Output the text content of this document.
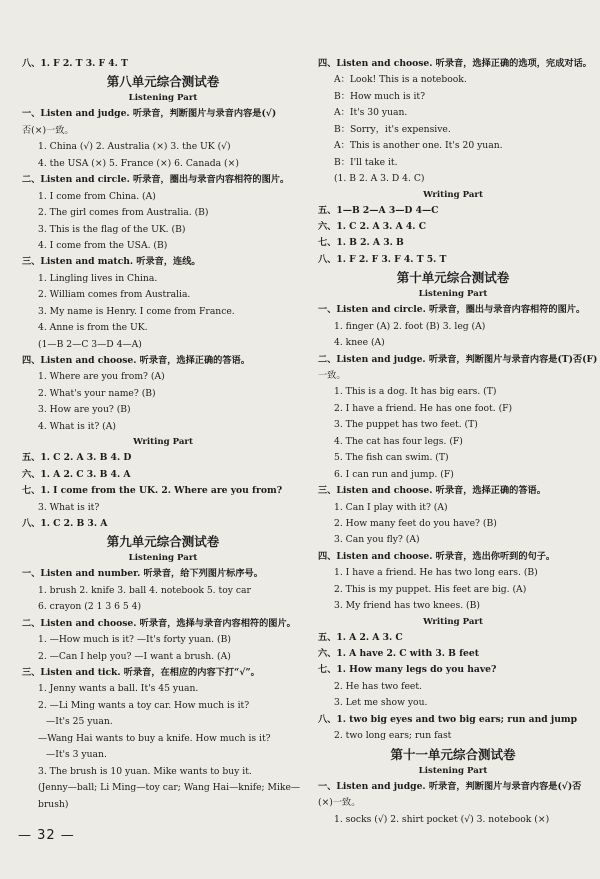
八、1. F 2. T 3. F 4. T
第八单元综合测试卷
Listening Part
一、Listen and judge. 听录音，判断图片与录音内容是(√)
否(×)一致。
1. China (√) 2. Australia (×) 3. the UK (√)
4. the USA (×) 5. France (×) 6. Canada (×)
二、Listen and circle. 听录音，圈出与录音内容相符的图片。
1. I come from China. (A)
2. The girl comes from Australia. (B)
3. This is the flag of the UK. (B)
4. I come from the USA. (B)
三、Listen and match. 听录音，连线。
1. Lingling lives in China.
2. William comes from Australia.
3. My name is Henry. I come from France.
4. Anne is from the UK.
(1—B 2—C 3—D 4—A)
四、Listen and choose. 听录音，选择正确的答语。
1. Where are you from? (A)
2. What's your name? (B)
3. How are you? (B)
4. What is it? (A)
Writing Part
五、1. C 2. A 3. B 4. D
六、1. A 2. C 3. B 4. A
七、1. I come from the UK. 2. Where are you from?
3. What is it?
八、1. C 2. B 3. A
第九单元综合测试卷
Listening Part
一、Listen and number. 听录音，给下列图片标序号。
1. brush 2. knife 3. ball 4. notebook 5. toy car
6. crayon (2 1 3 6 5 4)
二、Listen and choose. 听录音，选择与录音内容相符的图片。
1. —How much is it? —It's forty yuan. (B)
2. —Can I help you? —I want a brush. (A)
三、Listen and tick. 听录音，在相应的内容下打“√”。
1. Jenny wants a ball. It's 45 yuan.
2. —Li Ming wants a toy car. How much is it?
—It's 25 yuan.
—Wang Hai wants to buy a knife. How much is it?
—It's 3 yuan.
3. The brush is 10 yuan. Mike wants to buy it.
(Jenny—ball; Li Ming—toy car; Wang Hai—knife; Mike—
brush)
四、Listen and choose. 听录音，选择正确的选项，完成对话。
A：Look! This is a notebook.
B：How much is it?
A：It's 30 yuan.
B：Sorry，it's expensive.
A：This is another one. It's 20 yuan.
B：I'll take it.
(1. B 2. A 3. D 4. C)
Writing Part
五、1—B 2—A 3—D 4—C
六、1. C 2. A 3. A 4. C
七、1. B 2. A 3. B
八、1. F 2. F 3. F 4. T 5. T
第十单元综合测试卷
Listening Part
一、Listen and circle. 听录音，圈出与录音内容相符的图片。
1. finger (A) 2. foot (B) 3. leg (A)
4. knee (A)
二、Listen and judge. 听录音，判断图片与录音内容是(T)否(F)
一致。
1. This is a dog. It has big ears. (T)
2. I have a friend. He has one foot. (F)
3. The puppet has two feet. (T)
4. The cat has four legs. (F)
5. The fish can swim. (T)
6. I can run and jump. (F)
三、Listen and choose. 听录音，选择正确的答语。
1. Can I play with it? (A)
2. How many feet do you have? (B)
3. Can you fly? (A)
四、Listen and choose. 听录音，选出你听到的句子。
1. I have a friend. He has two long ears. (B)
2. This is my puppet. His feet are big. (A)
3. My friend has two knees. (B)
Writing Part
五、1. A 2. A 3. C
六、1. A have 2. C with 3. B feet
七、1. How many legs do you have?
2. He has two feet.
3. Let me show you.
八、1. two big eyes and two big ears; run and jump
2. two long ears; run fast
第十一单元综合测试卷
Listening Part
一、Listen and judge. 听录音，判断图片与录音内容是(√)否
(×)一致。
1. socks (√) 2. shirt pocket (√) 3. notebook (×)
— 32 —
